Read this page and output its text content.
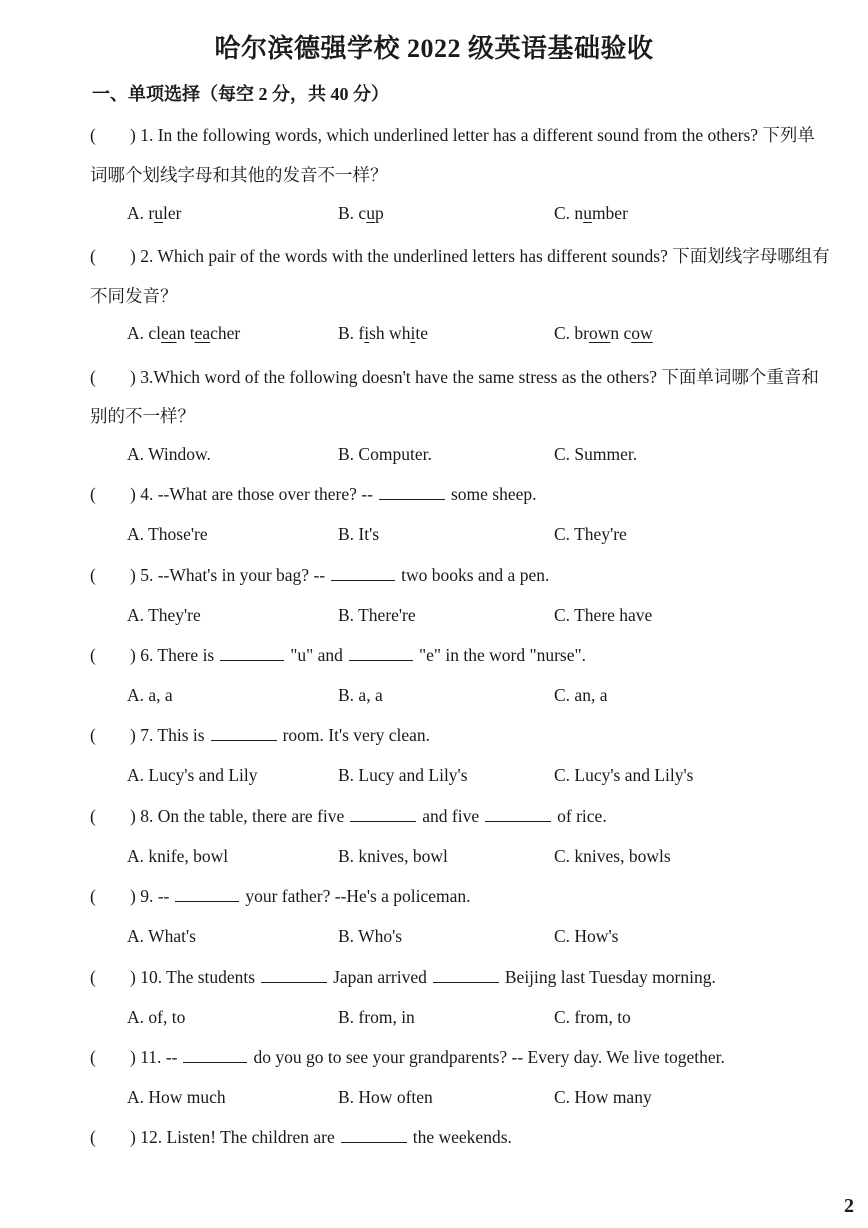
哈尔滨德强学校 2022 级英语基础验收
一、单项选择（每空 2 分，共 40 分）
( ) 1. In the following words, which underlined letter has a different sound from the others? 下列单
词哪个划线字母和其他的发音不一样？
A. ruler	B. cup	C. number
( ) 2. Which pair of the words with the underlined letters has different sounds? 下面划线字母哪组有
不同发音？
A. clean teacher	B. fish white	C. brown cow
( ) 3.Which word of the following doesn't have the same stress as the others? 下面单词哪个重音和
别的不一样？
A. Window.	B. Computer.	C. Summer.
( ) 4. --What are those over there? --	some sheep.
A. Those're	B. It's	C. They're
( ) 5. --What's in your bag? --	two books and a pen.
A. They're	B. There're	C. There have
( ) 6. There is	"u" and	"e" in the word "nurse".
A. a, a	B. a, a	C. an, a
( ) 7. This is	room. It's very clean.
A. Lucy's and Lily	B. Lucy and Lily's	C. Lucy's and Lily's
( ) 8. On the table, there are five	and five	of rice.
A. knife, bowl	B. knives, bowl	C. knives, bowls
( ) 9. --	your father? --He's a policeman.
A. What's	B. Who's	C. How's
( ) 10. The students	Japan arrived	Beijing last Tuesday morning.
A. of, to	B. from, in	C. from, to
( ) 11. --	do you go to see your grandparents? -- Every day. We live together.
A. How much	B. How often	C. How many
( ) 12. Listen! The children are	the weekends.
2
